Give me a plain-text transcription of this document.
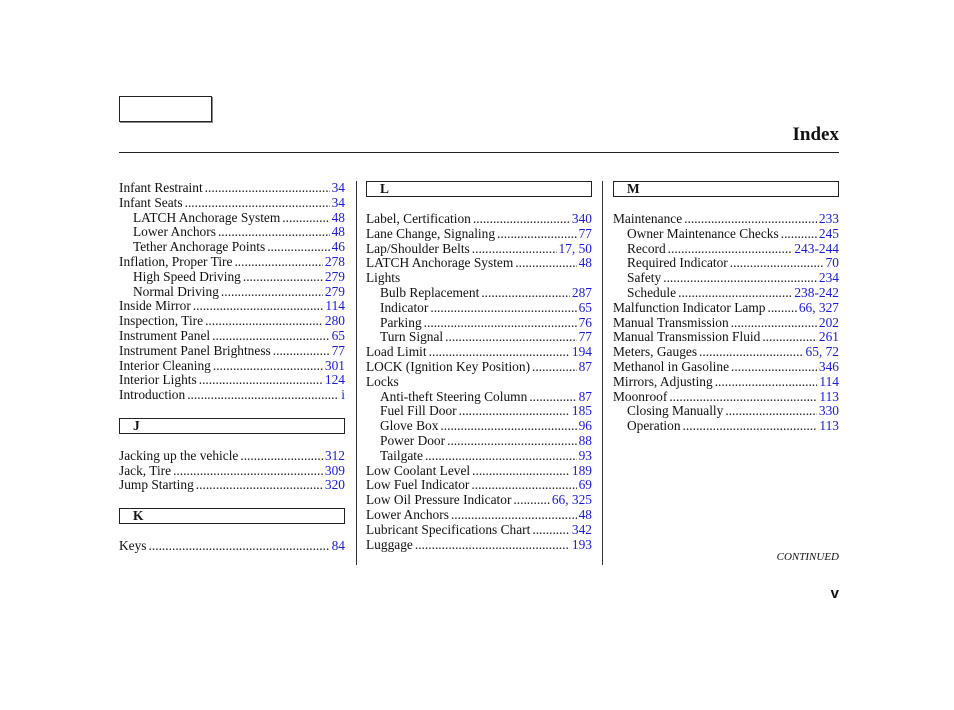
Index
Infant Restraint .....	34
Infant Seats .....	34
LATCH Anchorage System .....	48
Lower Anchors .....	48
Tether Anchorage Points .....	46
Inflation, Proper Tire .....	278
High Speed Driving .....	279
Normal Driving .....	279
Inside Mirror .....	114
Inspection, Tire .....	280
Instrument Panel .....	65
Instrument Panel Brightness .....	77
Interior Cleaning .....	301
Interior Lights .....	124
Introduction .....	i
J
Jacking up the vehicle .....	312
Jack, Tire .....	309
Jump Starting .....	320
K
Keys .....	84
L
Label, Certification .....	340
Lane Change, Signaling .....	77
Lap/Shoulder Belts .....	17, 50
LATCH Anchorage System .....	48
Lights
Bulb Replacement .....	287
Indicator .....	65
Parking .....	76
Turn Signal .....	77
Load Limit .....	194
LOCK (Ignition Key Position) .....	87
Locks
Anti-theft Steering Column .....	87
Fuel Fill Door .....	185
Glove Box .....	96
Power Door .....	88
Tailgate .....	93
Low Coolant Level .....	189
Low Fuel Indicator .....	69
Low Oil Pressure Indicator .....	66, 325
Lower Anchors .....	48
Lubricant Specifications Chart .....	342
Luggage .....	193
M
Maintenance .....	233
Owner Maintenance Checks .....	245
Record .....	243-244
Required Indicator .....	70
Safety .....	234
Schedule .....	238-242
Malfunction Indicator Lamp ..... 66, 327
Manual Transmission .....	202
Manual Transmission Fluid .....	261
Meters, Gauges .....	65, 72
Methanol in Gasoline .....	346
Mirrors, Adjusting .....	114
Moonroof .....	113
Closing Manually .....	330
Operation .....	113
CONTINUED
v
